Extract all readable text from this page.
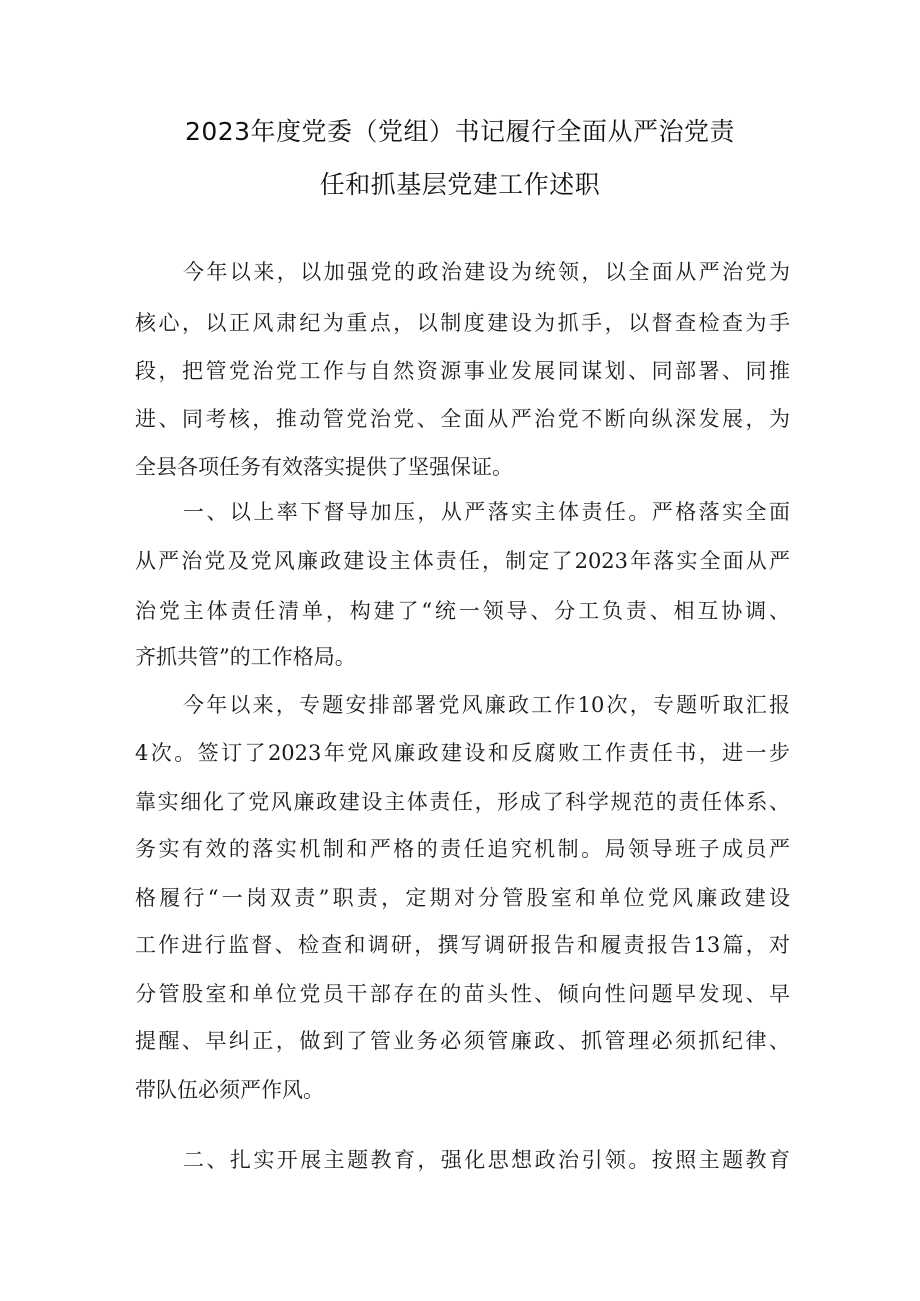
2023年度党委（党组）书记履行全面从严治党责
任和抓基层党建工作述职
今年以来，以加强党的政治建设为统领，以全面从严治党为
核心，以正风肃纪为重点，以制度建设为抓手，以督查检查为手
段，把管党治党工作与自然资源事业发展同谋划、同部署、同推
进、同考核，推动管党治党、全面从严治党不断向纵深发展，为
全县各项任务有效落实提供了坚强保证。
一、以上率下督导加压，从严落实主体责任。严格落实全面
从严治党及党风廉政建设主体责任，制定了2023年落实全面从严
治党主体责任清单，构建了“统一领导、分工负责、相互协调、
齐抓共管”的工作格局。
今年以来，专题安排部署党风廉政工作10次，专题听取汇报
4次。签订了2023年党风廉政建设和反腐败工作责任书，进一步
靠实细化了党风廉政建设主体责任，形成了科学规范的责任体系、
务实有效的落实机制和严格的责任追究机制。局领导班子成员严
格履行“一岗双责”职责，定期对分管股室和单位党风廉政建设
工作进行监督、检查和调研，撰写调研报告和履责报告13篇，对
分管股室和单位党员干部存在的苗头性、倾向性问题早发现、早
提醒、早纠正，做到了管业务必须管廉政、抓管理必须抓纪律、
带队伍必须严作风。
二、扎实开展主题教育，强化思想政治引领。按照主题教育
